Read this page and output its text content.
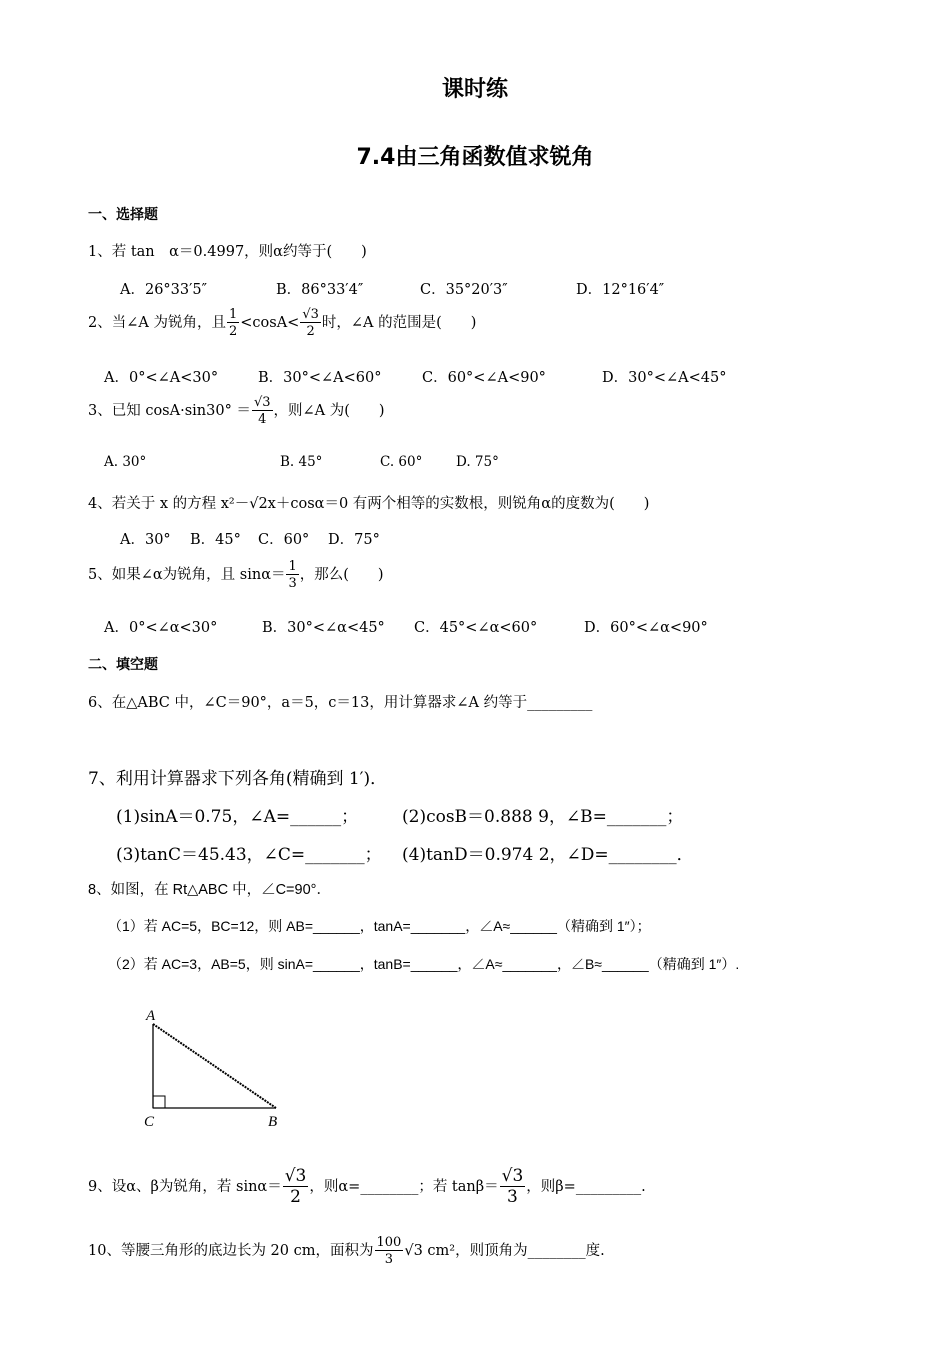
课时练
7.4由三角函数值求锐角
一、选择题
1、若 tan　α＝0.4997，则α约等于(　　)
A．26°33′5″	B．86°33′4″	C．35°20′3″	D．12°16′4″
2、当∠A 为锐角，且 $\frac{1}{2} <\cos A< \frac{√3}{2}$ 时，∠A 的范围是(　　)
A．0°<∠A<30°	B．30°<∠A<60°	C．60°<∠A<90°	D．30°<∠A<45°
3、已知 $\cos A\cdot\sin 30^\circ = \frac{√3}{4}$ ，则∠A 为(　　)
A. 30°	B. 45°	C. 60° D. 75°
4、若关于 x 的方程 x²－√2x＋cosα＝0 有两个相等的实数根，则锐角α的度数为(　　)
A．30° B．45° C．60° D．75°
5、如果∠α为锐角，且 $\sin\alpha= \frac{1}{3}$ ，那么(　　)
A．0°<∠α<30°	B．30°<∠α<45° C．45°<∠α<60°	D．60°<∠α<90°
二、填空题
6、在△ABC 中，∠C＝90°，a＝5，c＝13，用计算器求∠A 约等于_________
7、利用计算器求下列各角(精确到 1′)．
(1)sinA＝0.75，∠A=______；	(2)cosB＝0.888 9，∠B=_______；
(3)tanC＝45.43，∠C=_______； (4)tanD＝0.974 2，∠D=________．
8、如图，在 Rt△ABC 中，∠C=90°．
（1）若 AC=5，BC=12，则 AB=______，tanA=_______，∠A≈______（精确到 1″）；
（2）若 AC=3，AB=5，则 sinA=______，tanB=______，∠A≈_______，∠B≈______（精确到 1″）.
A
C	B
9、设α、β为锐角，若 $\sin\alpha= \frac{√3}{2}$ ，则α=________；若 $\tan\beta= \frac{√3}{3}$ ，则β=_________.
10、等腰三角形的底边长为 20 cm，面积为 $\frac{100}{3} √3$ cm²，则顶角为________度.
